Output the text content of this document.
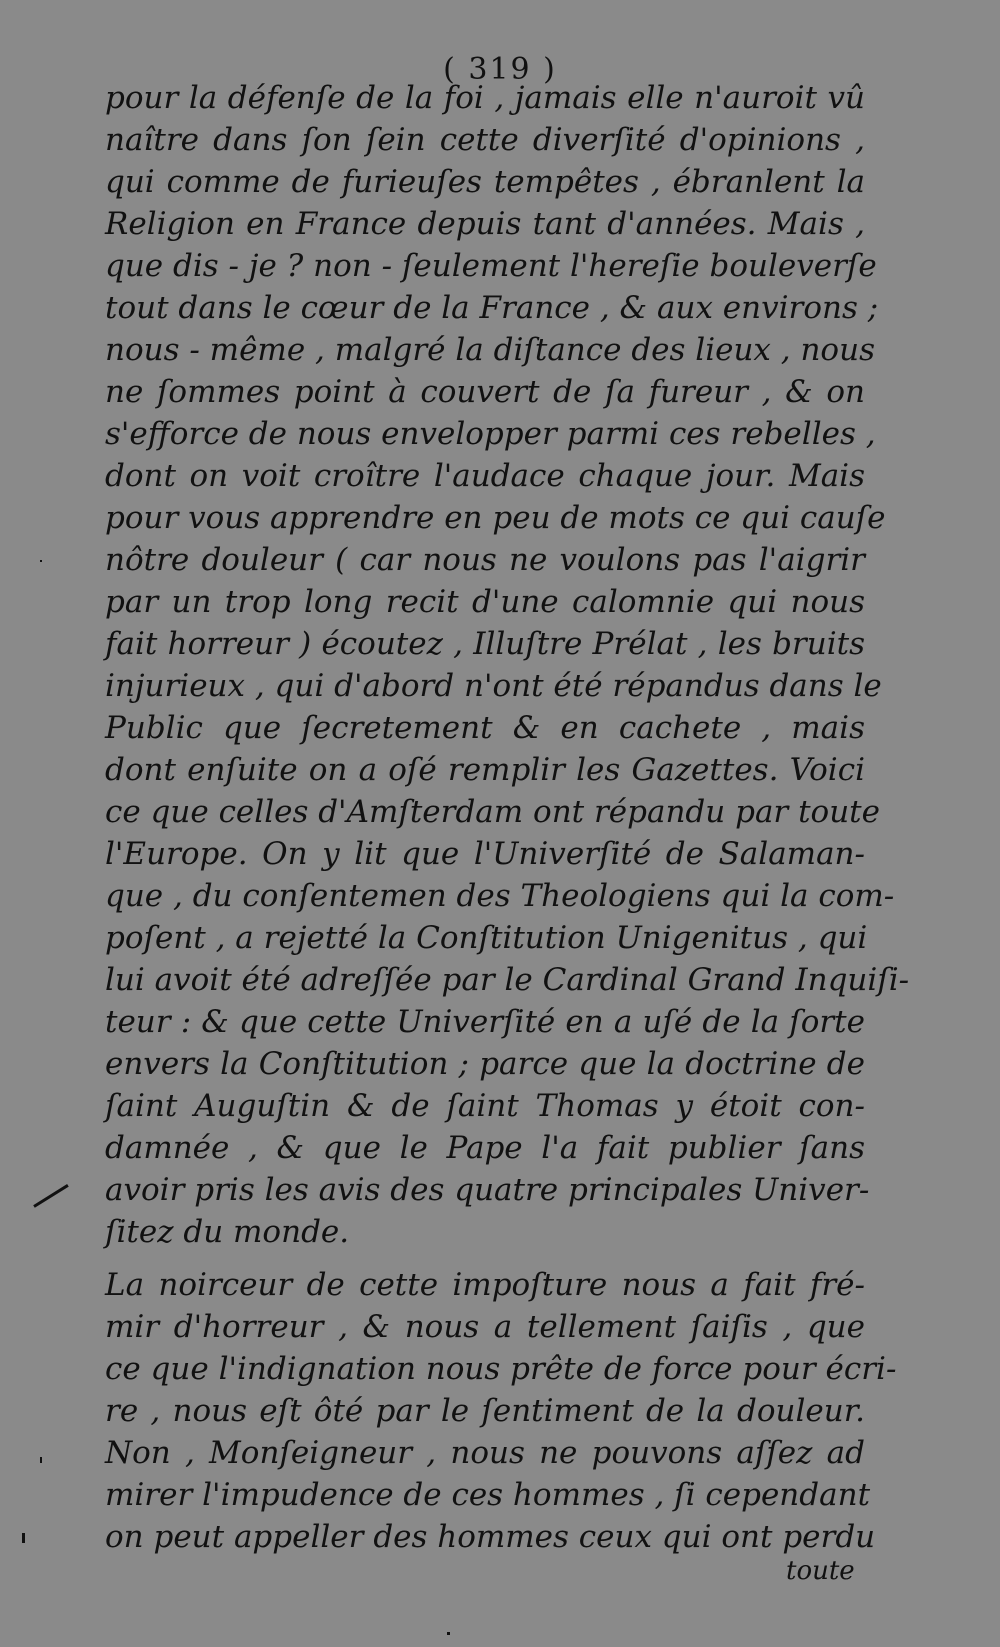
( 319 )
pour la défenſe de la foi , jamais elle n'auroit vû
naître dans ſon ſein cette diverſité d'opinions ,
qui comme de furieuſes tempêtes , ébranlent la
Religion en France depuis tant d'années. Mais ,
que dis - je ? non - ſeulement l'hereſie bouleverſe
tout dans le cœur de la France , & aux environs ;
nous - même , malgré la diſtance des lieux , nous
ne ſommes point à couvert de ſa fureur , & on
s'efforce de nous envelopper parmi ces rebelles ,
dont on voit croître l'audace chaque jour. Mais
pour vous apprendre en peu de mots ce qui cauſe
nôtre douleur ( car nous ne voulons pas l'aigrir
par un trop long recit d'une calomnie qui nous
fait horreur ) écoutez , Illuſtre Prélat , les bruits
injurieux , qui d'abord n'ont été répandus dans le
Public que ſecretement & en cachete , mais
dont enſuite on a oſé remplir les Gazettes. Voici
ce que celles d'Amſterdam ont répandu par toute
l'Europe. On y lit que l'Univerſité de Salaman-
que , du conſentemen des Theologiens qui la com-
poſent , a rejetté la Conſtitution Unigenitus , qui
lui avoit été adreſſée par le Cardinal Grand Inquiſi-
teur : & que cette Univerſité en a uſé de la ſorte
envers la Conſtitution ; parce que la doctrine de
ſaint Auguſtin & de ſaint Thomas y étoit con-
damnée , & que le Pape l'a fait publier ſans
avoir pris les avis des quatre principales Univer-
ſitez du monde.
La noirceur de cette impoſture nous a fait fré-
mir d'horreur , & nous a tellement ſaiſis , que
ce que l'indignation nous prête de force pour écri-
re , nous eſt ôté par le ſentiment de la douleur.
Non , Monſeigneur , nous ne pouvons aſſez ad
mirer l'impudence de ces hommes , ſi cependant
on peut appeller des hommes ceux qui ont perdu
toute
